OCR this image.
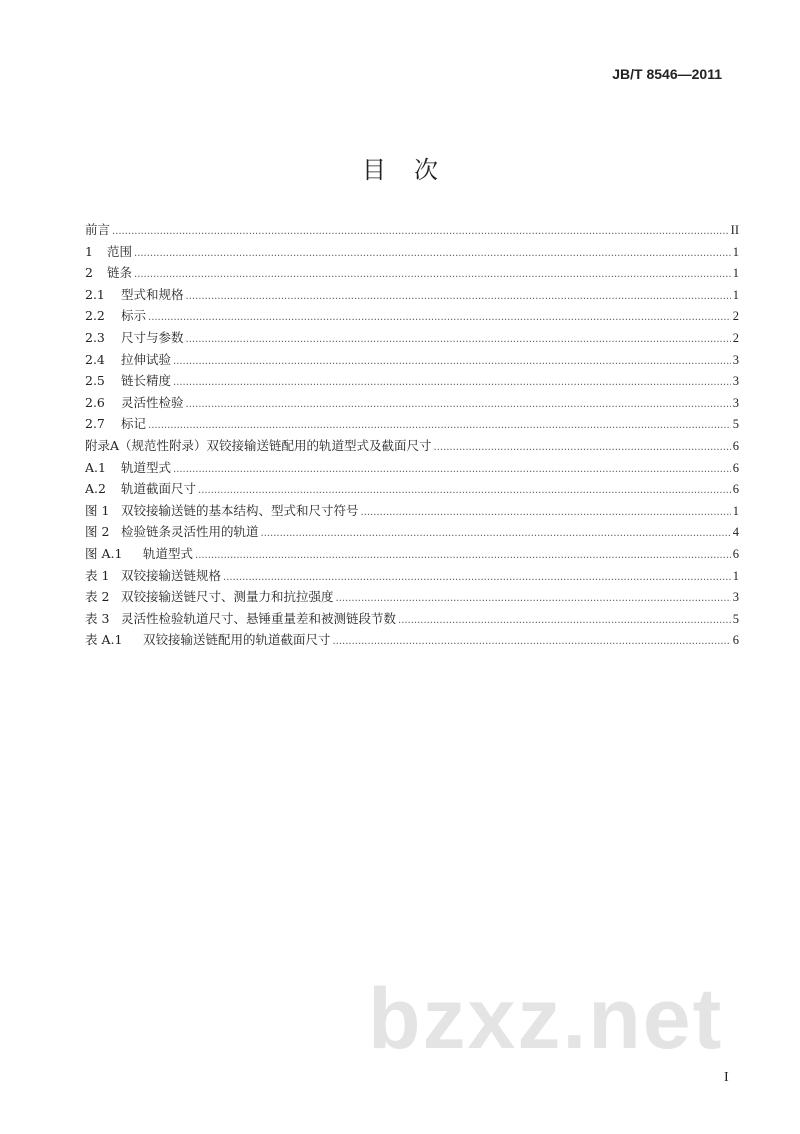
JB/T 8546—2011
目次
前言 .....	II
1 范围 .....	1
2 链条 .....	1
2.1 型式和规格 .....	1
2.2 标示 .....	2
2.3 尺寸与参数 .....	2
2.4 拉伸试验 .....	3
2.5 链长精度 .....	3
2.6 灵活性检验 .....	3
2.7 标记 .....	5
附录A（规范性附录）双铰接输送链配用的轨道型式及截面尺寸 .....	6
A.1 轨道型式 .....	6
A.2 轨道截面尺寸 .....	6
图 1 双铰接输送链的基本结构、型式和尺寸符号 .....	1
图 2 检验链条灵活性用的轨道 .....	4
图 A.1 轨道型式 .....	6
表 1 双铰接输送链规格 .....	1
表 2 双铰接输送链尺寸、测量力和抗拉强度 .....	3
表 3 灵活性检验轨道尺寸、悬锤重量差和被测链段节数 .....	5
表 A.1 双铰接输送链配用的轨道截面尺寸 .....	6
bzxz.net
I
